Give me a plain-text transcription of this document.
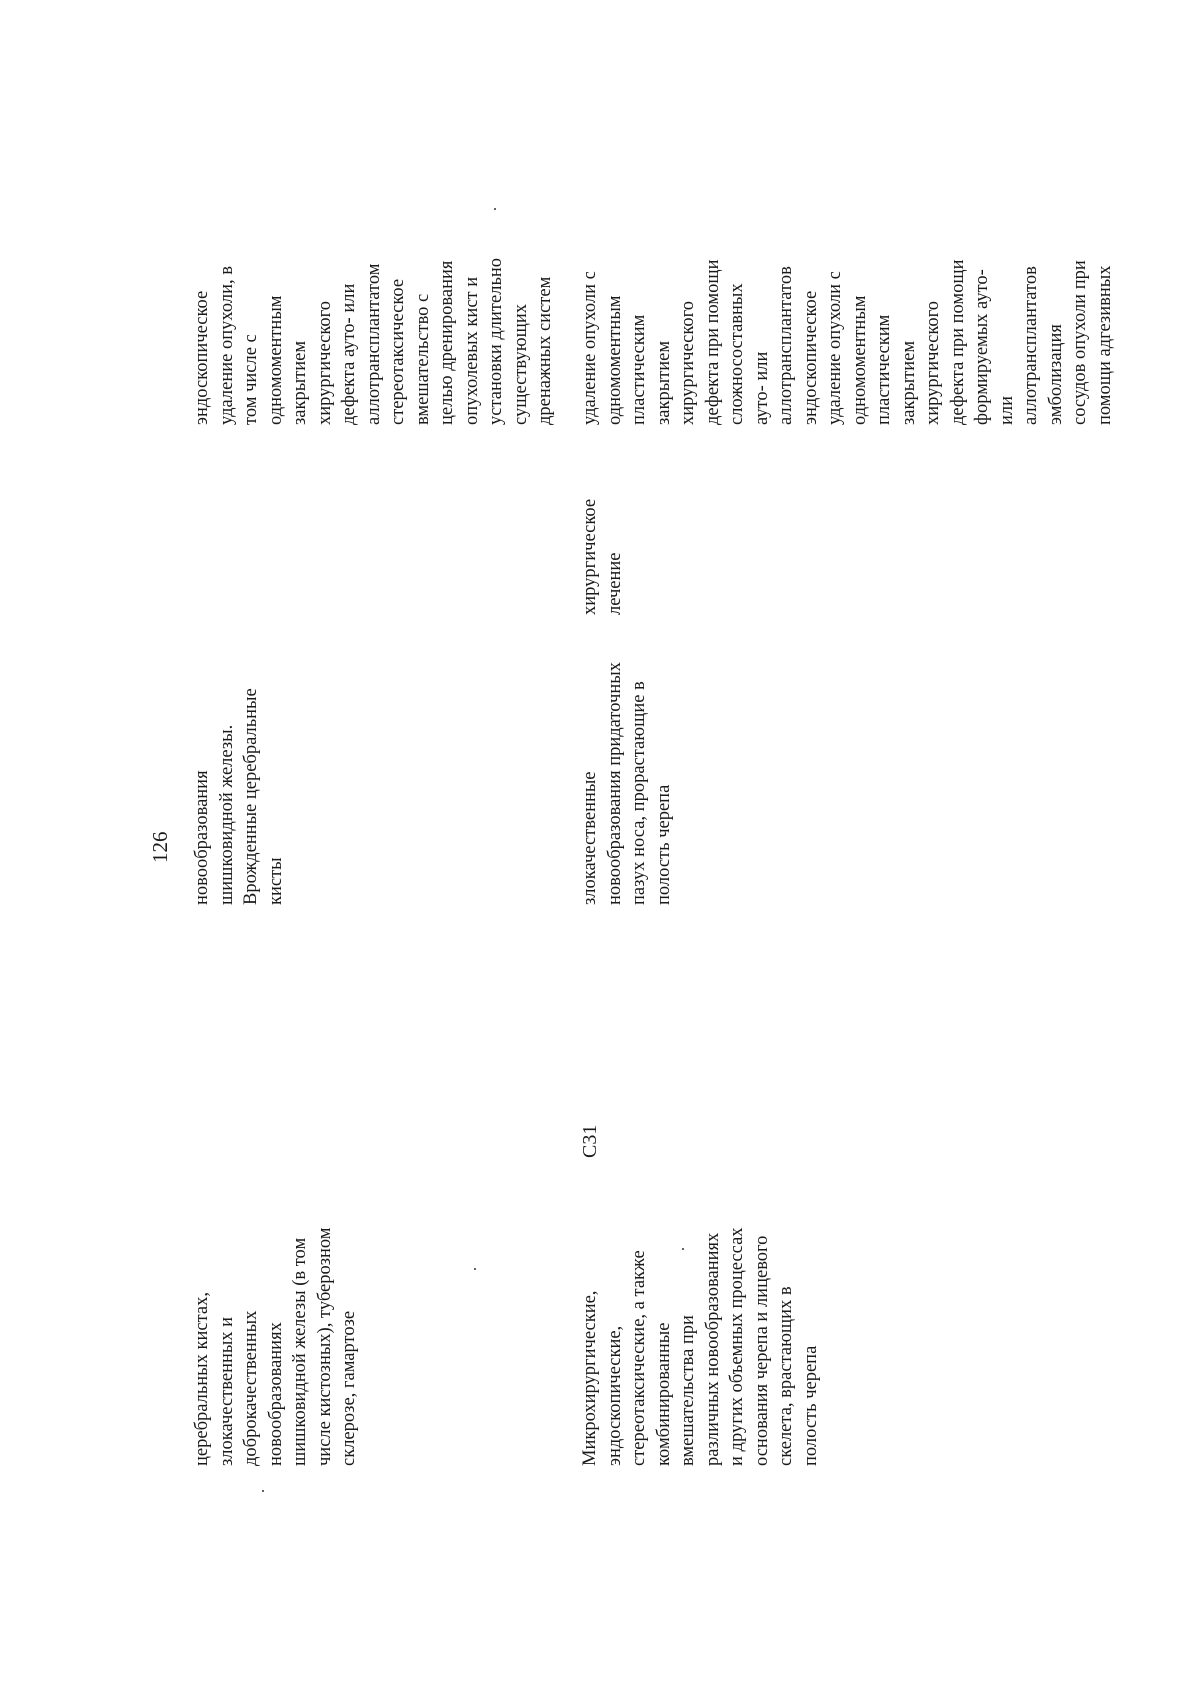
126
церебральных кистах, злокачественных и доброкачественных новообразованиях шишковидной железы (в том числе кистозных), туберозном склерозе, гамартозе
новообразования шишковидной железы. Врожденные церебральные кисты
эндоскопическое удаление опухоли, в том числе с одномоментным закрытием хирургического дефекта ауто- или аллотрансплантатом стереотаксическое вмешательство с целью дренирования опухолевых кист и установки длительно существующих дренажных систем
Микрохирургические, эндоскопические, стереотаксические, а также комбинированные вмешательства при различных новообразованиях и других объемных процессах основания черепа и лицевого скелета, врастающих в полость черепа
C31
злокачественные новообразования придаточных пазух носа, прорастающие в полость черепа
хирургическое лечение
удаление опухоли с одномоментным пластическим закрытием хирургического дефекта при помощи сложносоставных ауто- или аллотрансплантатов эндоскопическое удаление опухоли с одномоментным пластическим закрытием хирургического дефекта при помощи формируемых ауто- или аллотрансплантатов эмболизация сосудов опухоли при помощи адгезивных
